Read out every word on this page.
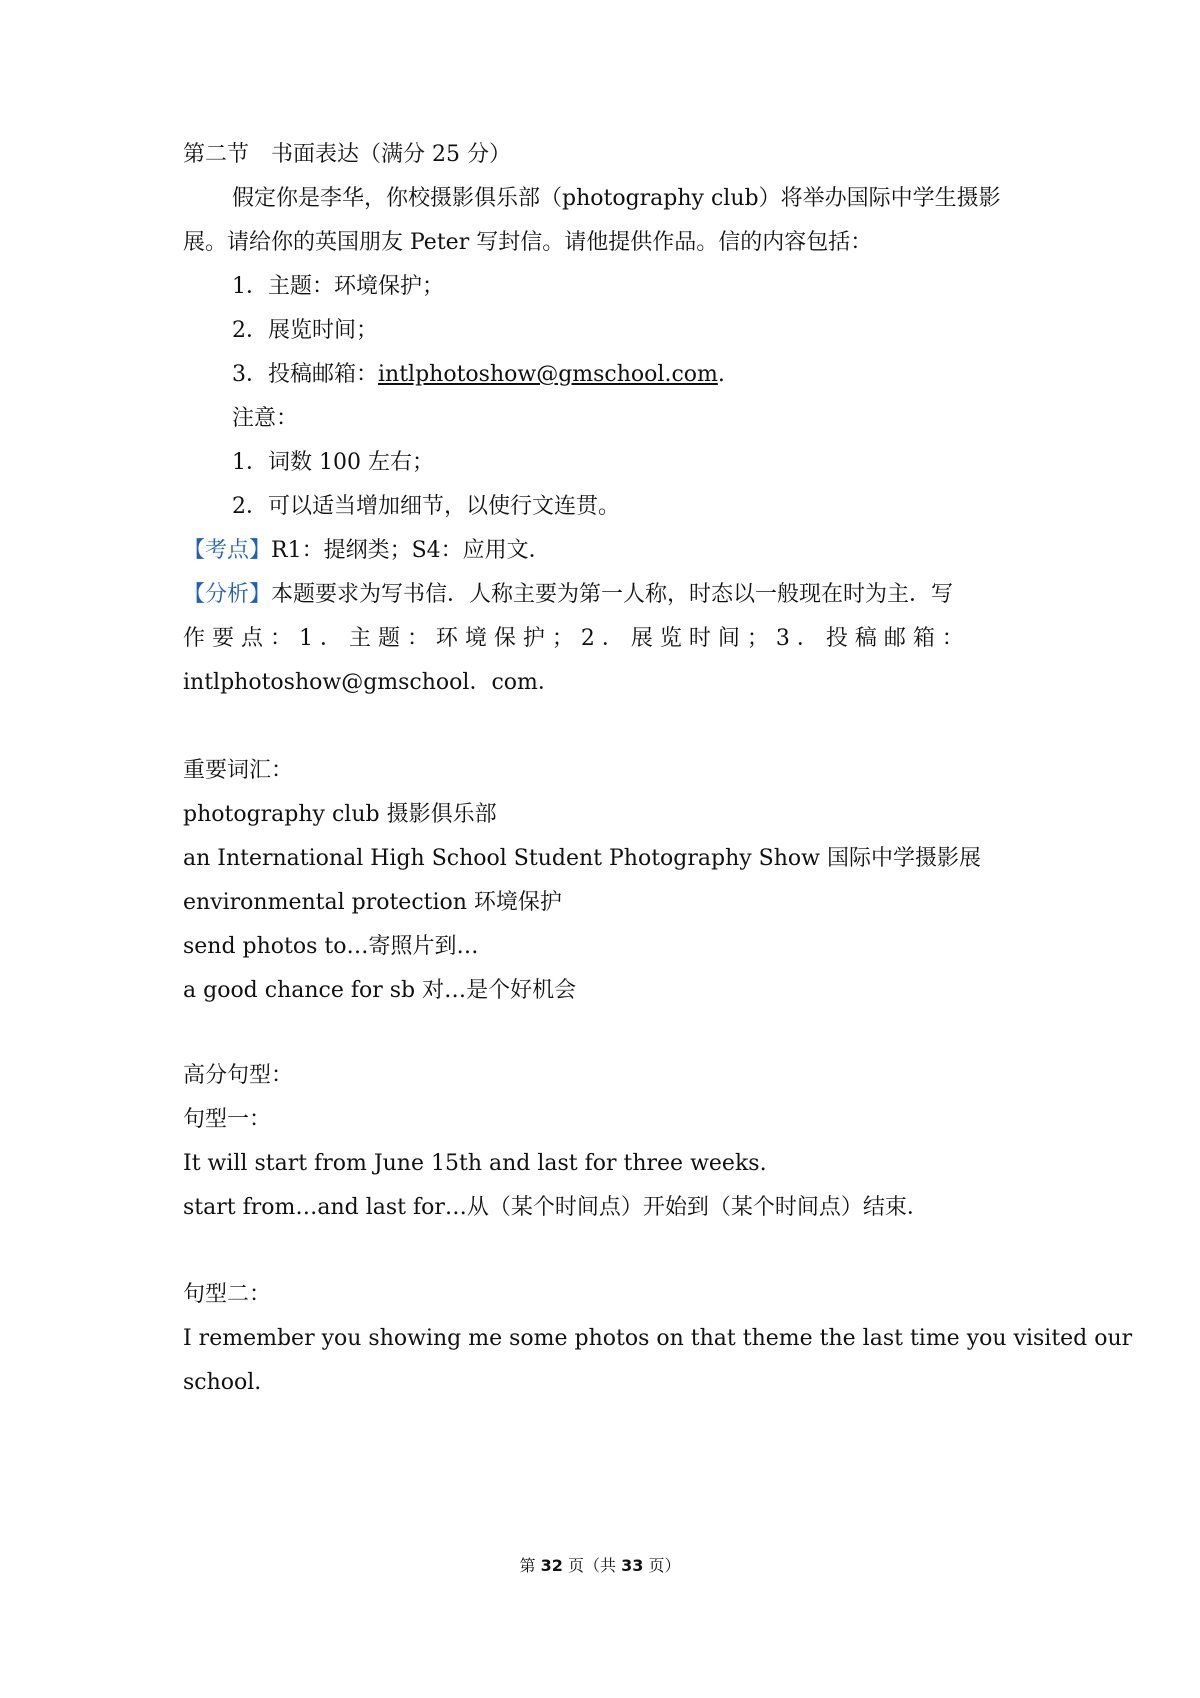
第二节　书面表达（满分 25 分）
假定你是李华，你校摄影俱乐部（photography club）将举办国际中学生摄影
展。请给你的英国朋友 Peter 写封信。请他提供作品。信的内容包括：
1．主题：环境保护；
2．展览时间；
3．投稿邮箱：intlphotoshow@gmschool.com.
注意：
1．词数 100 左右；
2．可以适当增加细节，以使行文连贯。
【考点】R1：提纲类；S4：应用文．
【分析】本题要求为写书信．人称主要为第一人称，时态以一般现在时为主．写
作 要 点 ： 1 ． 主 题 ： 环 境 保 护 ； 2 ． 展 览 时 间 ； 3 ． 投 稿 邮 箱 ：
intlphotoshow@gmschool．com．
重要词汇：
photography club 摄影俱乐部
an International High School Student Photography Show 国际中学摄影展
environmental protection 环境保护
send photos to…寄照片到…
a good chance for sb 对…是个好机会
高分句型：
句型一：
It will start from June 15th and last for three weeks.
start from…and last for…从（某个时间点）开始到（某个时间点）结束．
句型二：
I remember you showing me some photos on that theme the last time you visited our
school.
第 32 页（共 33 页）
